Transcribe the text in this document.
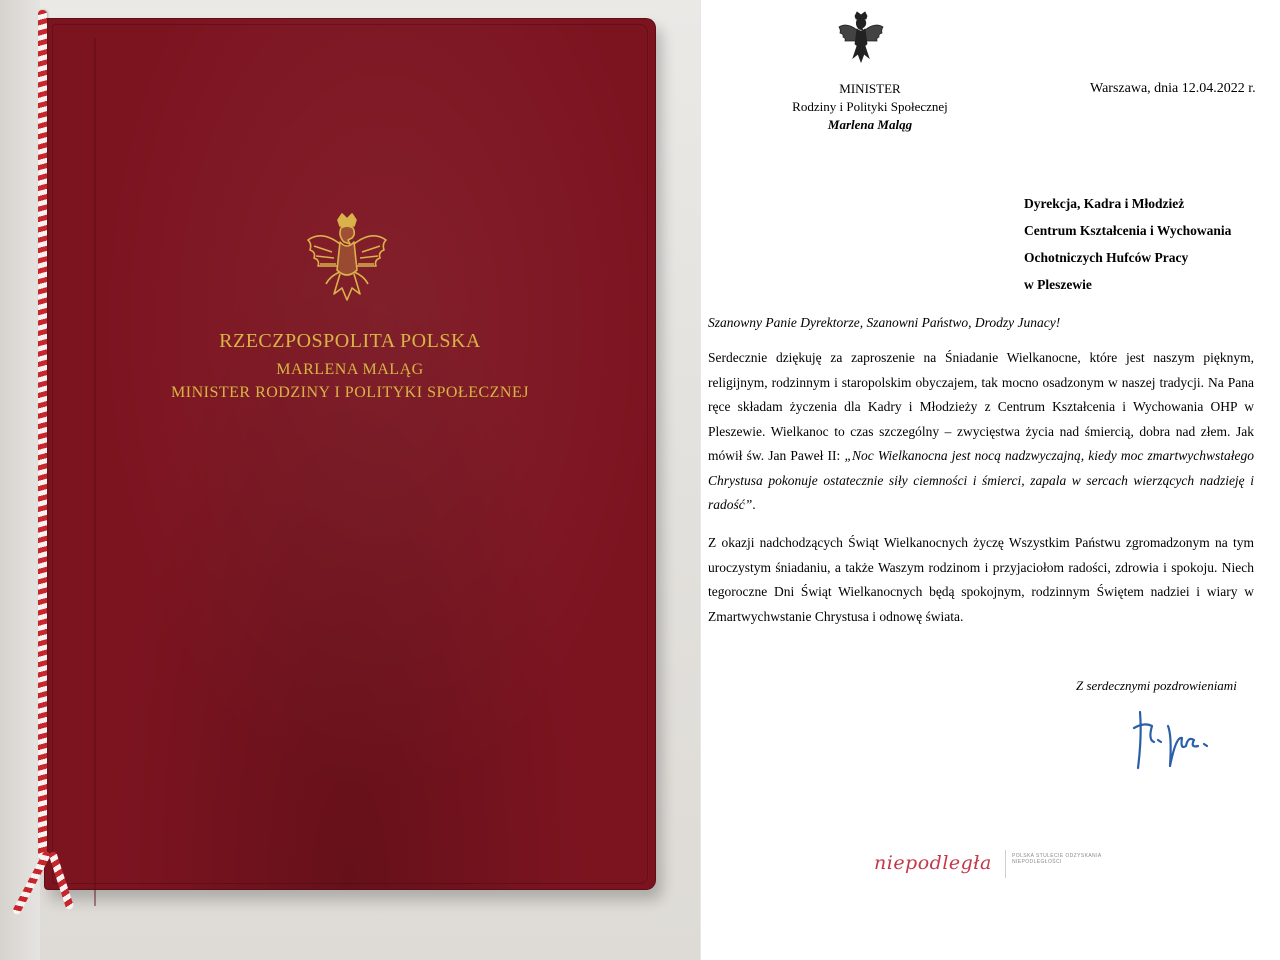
RZECZPOSPOLITA POLSKA
MARLENA MALĄG
MINISTER RODZINY I POLITYKI SPOŁECZNEJ
MINISTER
Rodziny i Polityki Społecznej
Marlena Maląg
Warszawa, dnia 12.04.2022 r.
Dyrekcja, Kadra i Młodzież
Centrum Kształcenia i Wychowania
Ochotniczych Hufców Pracy
w Pleszewie
Szanowny Panie Dyrektorze, Szanowni Państwo, Drodzy Junacy!
Serdecznie dziękuję za zaproszenie na Śniadanie Wielkanocne, które jest naszym pięknym, religijnym, rodzinnym i staropolskim obyczajem, tak mocno osadzonym w naszej tradycji. Na Pana ręce składam życzenia dla Kadry i Młodzieży z Centrum Kształcenia i Wychowania OHP w Pleszewie. Wielkanoc to czas szczególny – zwycięstwa życia nad śmiercią, dobra nad złem. Jak mówił św. Jan Paweł II: „Noc Wielkanocna jest nocą nadzwyczajną, kiedy moc zmartwychwstałego Chrystusa pokonuje ostatecznie siły ciemności i śmierci, zapala w sercach wierzących nadzieję i radość”.
Z okazji nadchodzących Świąt Wielkanocnych życzę Wszystkim Państwu zgromadzonym na tym uroczystym śniadaniu, a także Waszym rodzinom i przyjaciołom radości, zdrowia i spokoju. Niech tegoroczne Dni Świąt Wielkanocnych będą spokojnym, rodzinnym Świętem nadziei i wiary w Zmartwychwstanie Chrystusa i odnowę świata.
Z serdecznymi pozdrowieniami
niepodległa	POLSKA STULECIE ODZYSKANIA NIEPODLEGŁOŚCI
